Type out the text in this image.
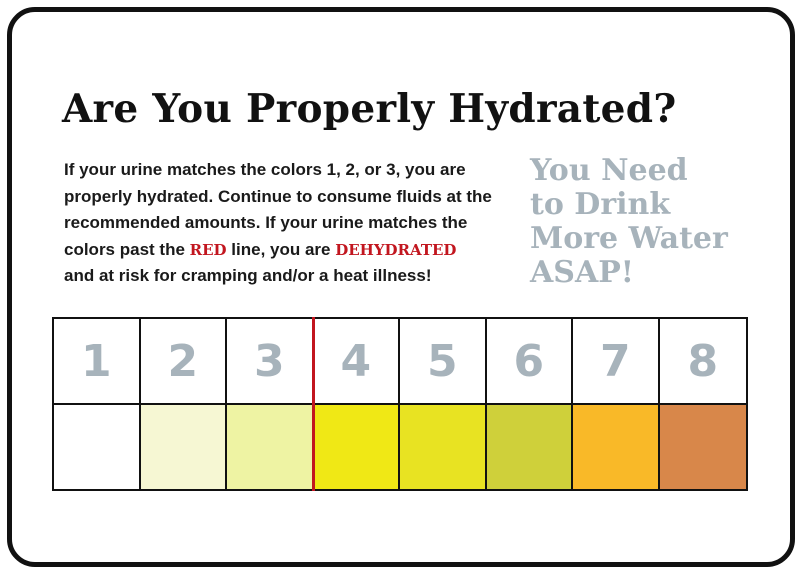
Are You Properly Hydrated?
If your urine matches the colors 1, 2, or 3, you are
properly hydrated. Continue to consume fluids at the
recommended amounts. If your urine matches the
colors past the RED line, you are DEHYDRATED
and at risk for cramping and/or a heat illness!
You Need
to Drink
More Water
ASAP!
1	2	3	4	5	6	7	8
